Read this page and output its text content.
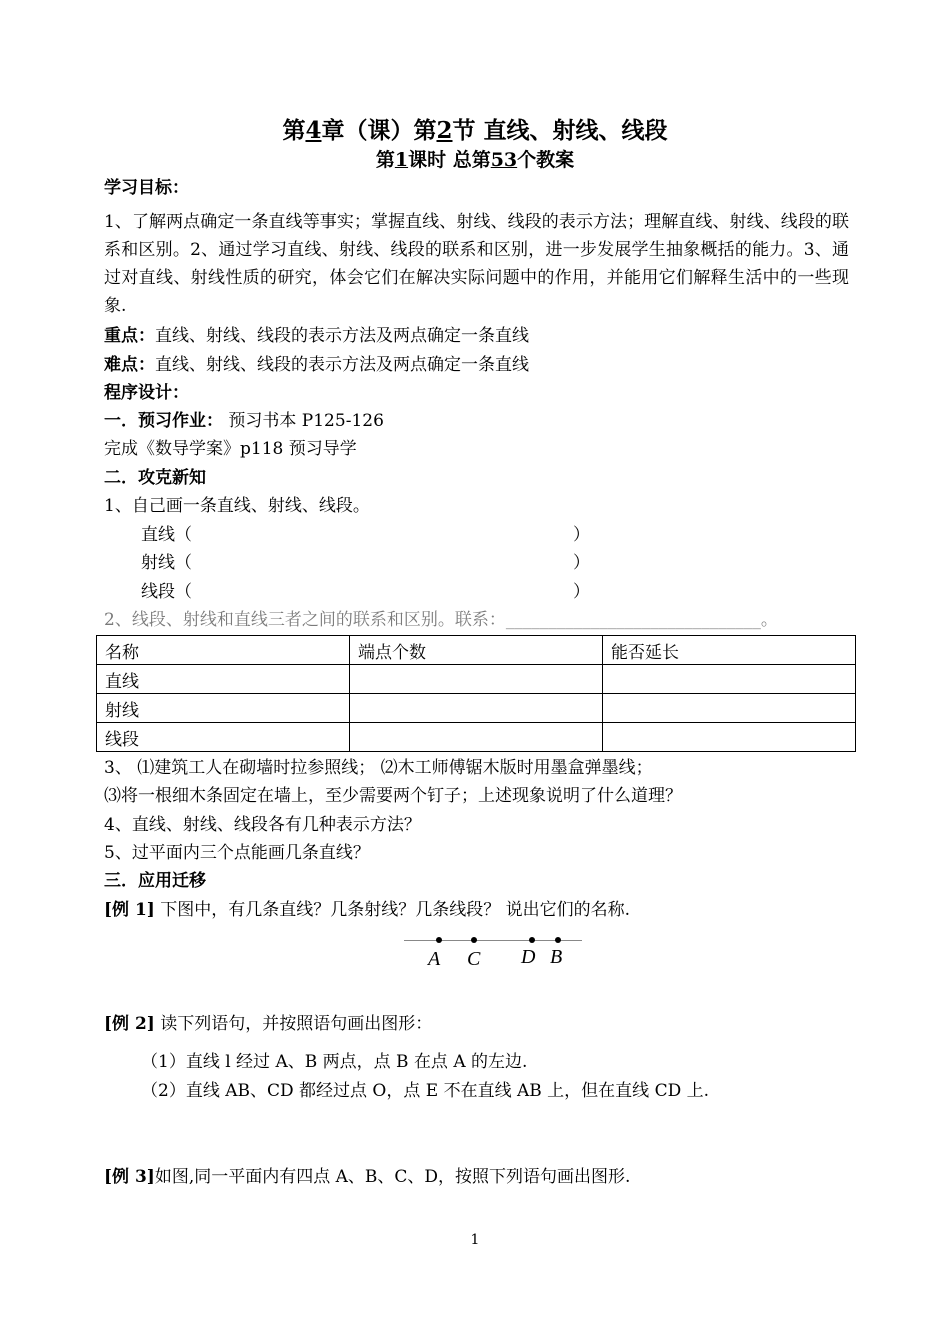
第4章（课）第2节 直线、射线、线段
第1课时 总第53个教案
学习目标：
1、了解两点确定一条直线等事实；掌握直线、射线、线段的表示方法；理解直线、射线、线段的联系和区别。2、通过学习直线、射线、线段的联系和区别，进一步发展学生抽象概括的能力。3、通过对直线、射线性质的研究，体会它们在解决实际问题中的作用，并能用它们解释生活中的一些现象.
重点：直线、射线、线段的表示方法及两点确定一条直线
难点：直线、射线、线段的表示方法及两点确定一条直线
程序设计：
一．预习作业： 预习书本 P125-126
完成《数导学案》p118 预习导学
二．攻克新知
1、自己画一条直线、射线、线段。
直线（	）
射线（	）
线段（	）
2、线段、射线和直线三者之间的联系和区别。联系：______________________________。
名称	端点个数	能否延长
直线		
射线		
线段		
3、 ⑴建筑工人在砌墙时拉参照线； ⑵木工师傅锯木版时用墨盒弹墨线；
⑶将一根细木条固定在墙上，至少需要两个钉子；上述现象说明了什么道理？
4、直线、射线、线段各有几种表示方法？
5、过平面内三个点能画几条直线？
三．应用迁移
[例 1] 下图中，有几条直线？几条射线？几条线段？ 说出它们的名称.
A C D B
[例 2] 读下列语句，并按照语句画出图形：
（1）直线 l 经过 A、B 两点，点 B 在点 A 的左边.
（2）直线 AB、CD 都经过点 O，点 E 不在直线 AB 上，但在直线 CD 上.
[例 3]如图,同一平面内有四点 A、B、C、D，按照下列语句画出图形.
1
